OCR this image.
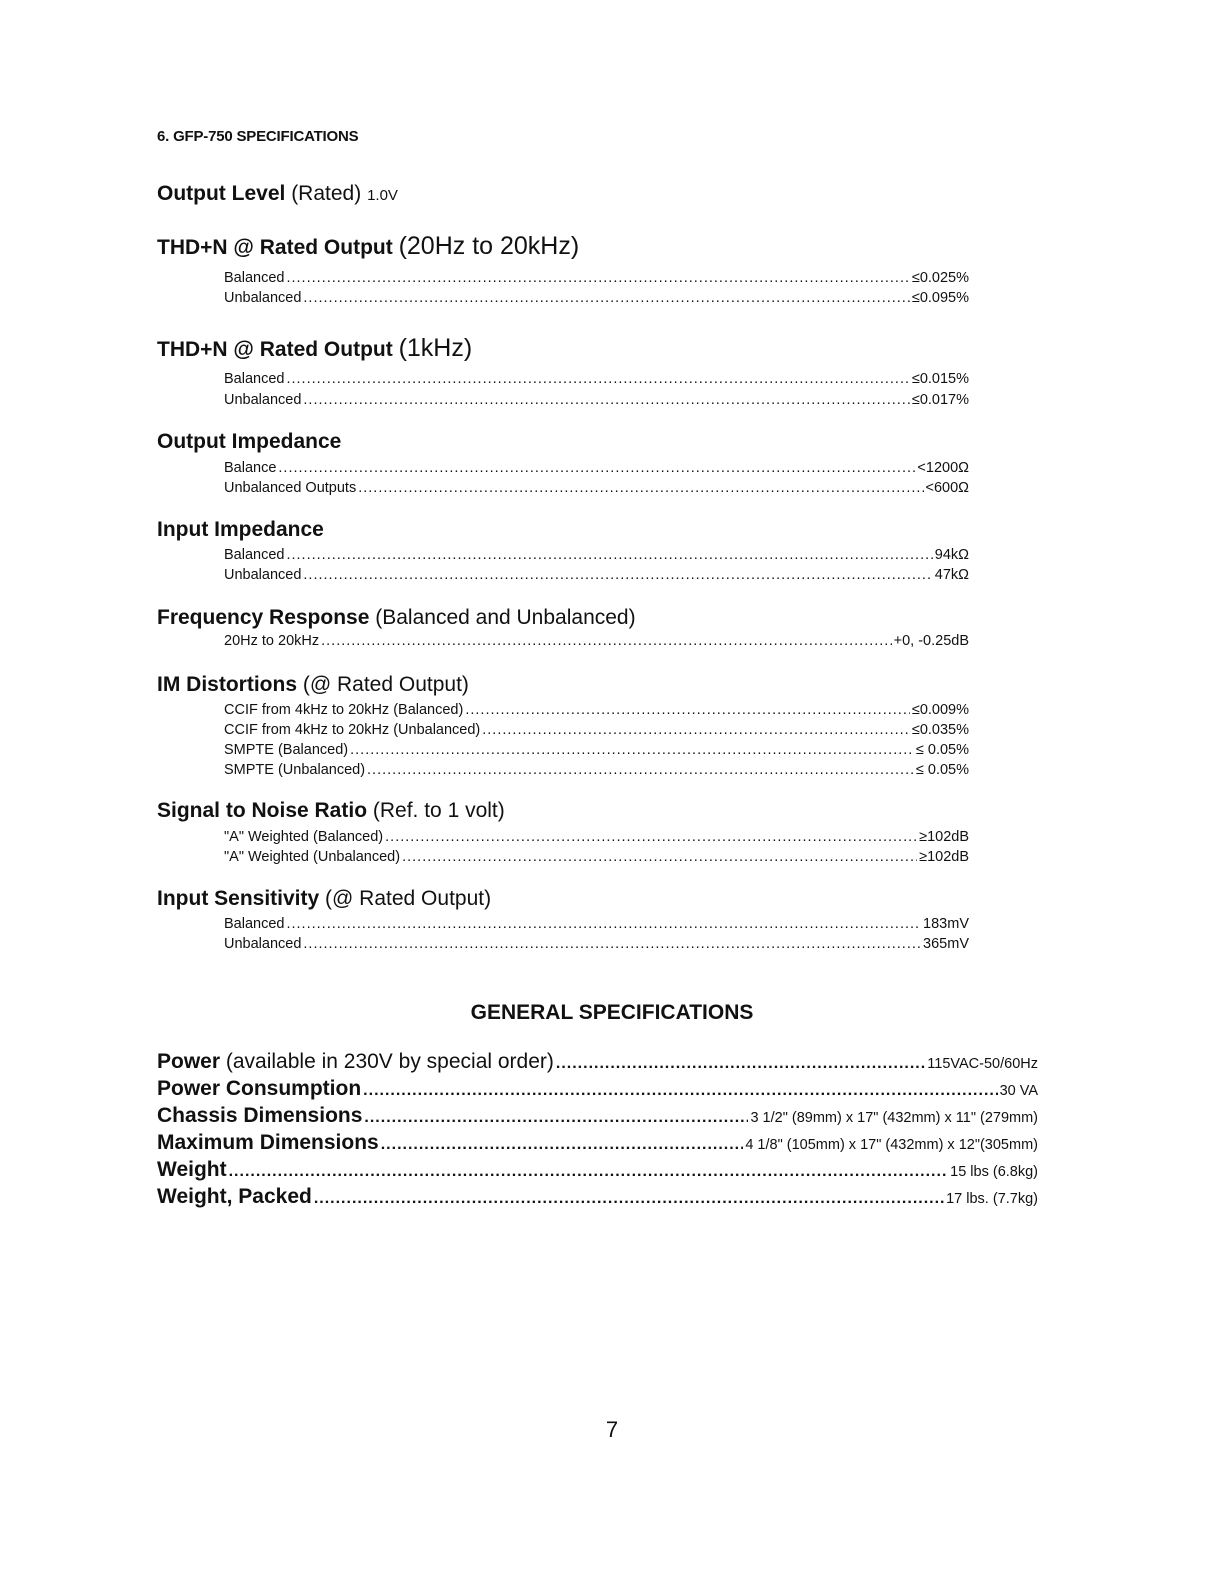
6. GFP-750 SPECIFICATIONS
Output Level (Rated) 1.0V
THD+N @ Rated Output (20Hz to 20kHz)
Balanced .....	≤0.025%
Unbalanced .....	≤0.095%
THD+N @ Rated Output (1kHz)
Balanced .....	≤0.015%
Unbalanced .....	≤0.017%
Output Impedance
Balance .....	<1200Ω
Unbalanced Outputs .....	<600Ω
Input Impedance
Balanced .....	94kΩ
Unbalanced .....	47kΩ
Frequency Response (Balanced and Unbalanced)
20Hz to 20kHz .....	+0, -0.25dB
IM Distortions (@ Rated Output)
CCIF from 4kHz to 20kHz (Balanced) .....	≤0.009%
CCIF from 4kHz to 20kHz (Unbalanced) .....	≤0.035%
SMPTE (Balanced) .....	≤ 0.05%
SMPTE (Unbalanced) .....	≤ 0.05%
Signal to Noise Ratio (Ref. to 1 volt)
"A" Weighted (Balanced) .....	≥102dB
"A" Weighted (Unbalanced) .....	≥102dB
Input Sensitivity (@ Rated Output)
Balanced .....	183mV
Unbalanced .....	365mV
GENERAL SPECIFICATIONS
Power (available in 230V by special order) .....	115VAC-50/60Hz
Power Consumption .....	30 VA
Chassis Dimensions .....	3 1/2" (89mm) x 17" (432mm) x 11" (279mm)
Maximum Dimensions .....	4 1/8" (105mm) x 17" (432mm) x 12"(305mm)
Weight .....	15 lbs (6.8kg)
Weight, Packed .....	17 lbs. (7.7kg)
7
